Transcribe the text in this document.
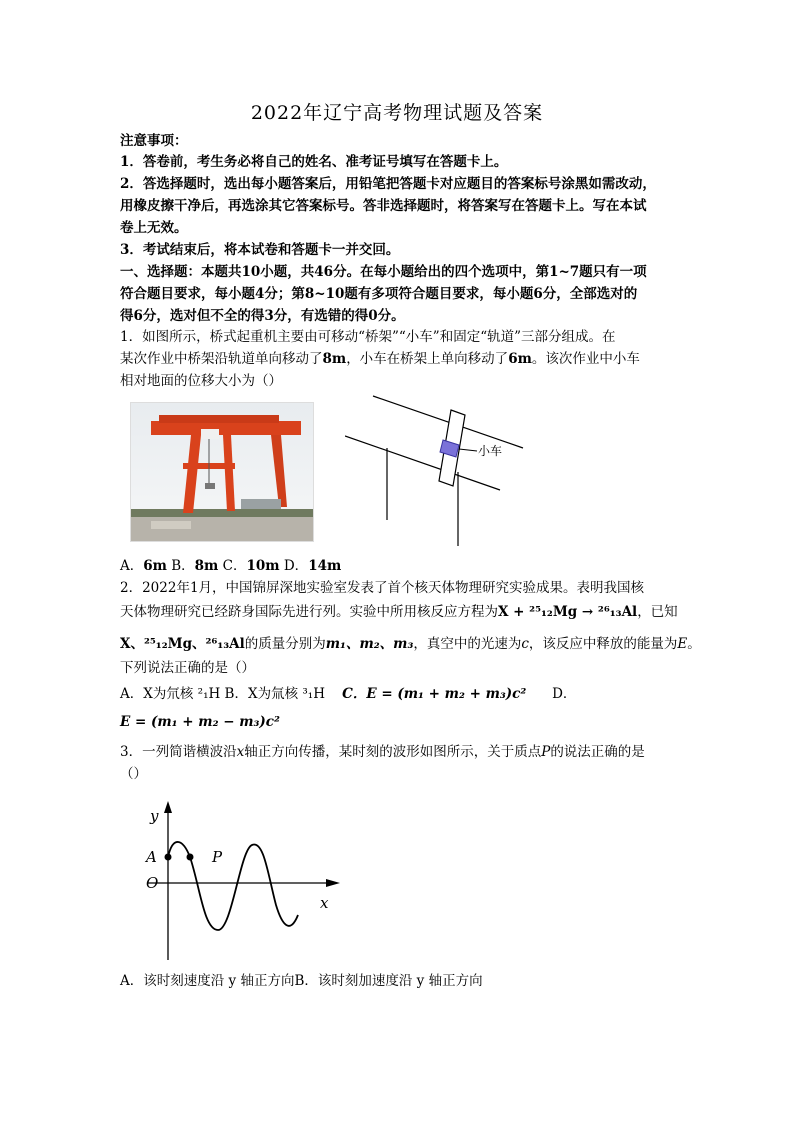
2022年辽宁高考物理试题及答案
注意事项：
1．答卷前，考生务必将自己的姓名、准考证号填写在答题卡上。
2．答选择题时，选出每小题答案后，用铅笔把答题卡对应题目的答案标号涂黑如需改动，
用橡皮擦干净后，再选涂其它答案标号。答非选择题时，将答案写在答题卡上。写在本试
卷上无效。
3．考试结束后，将本试卷和答题卡一并交回。
一、选择题：本题共10小题，共46分。在每小题给出的四个选项中，第1~7题只有一项
符合题目要求，每小题4分；第8~10题有多项符合题目要求，每小题6分，全部选对的
得6分，选对但不全的得3分，有选错的得0分。
1．如图所示，桥式起重机主要由可移动“桥架”“小车”和固定“轨道”三部分组成。在
某次作业中桥架沿轨道单向移动了8m，小车在桥架上单向移动了6m。该次作业中小车
相对地面的位移大小为（）
小车
A．6m B．8m C．10m D．14m
2．2022年1月，中国锦屏深地实验室发表了首个核天体物理研究实验成果。表明我国核
天体物理研究已经跻身国际先进行列。实验中所用核反应方程为X + ²⁵₁₂Mg → ²⁶₁₃Al，已知
X、²⁵₁₂Mg、²⁶₁₃Al的质量分别为m₁、m₂、m₃，真空中的光速为c，该反应中释放的能量为E。
下列说法正确的是（）
A．X为氘核 ²₁H B．X为氚核 ³₁H C．E = (m₁ + m₂ + m₃)c² D．
E = (m₁ + m₂ − m₃)c²
3．一列简谐横波沿x轴正方向传播，某时刻的波形如图所示，关于质点P的说法正确的是
（）
y
x
A
O
P
A．该时刻速度沿 y 轴正方向B．该时刻加速度沿 y 轴正方向
